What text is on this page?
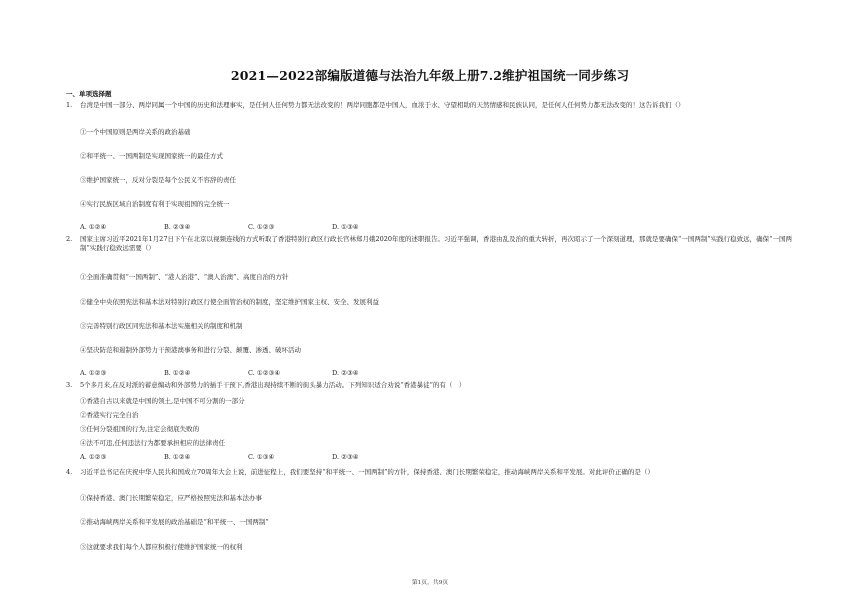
2021—2022部编版道德与法治九年级上册7.2维护祖国统一同步练习
一、单项选择题
1. 台湾是中国一部分、两岸同属一个中国的历史和法理事实，是任何人任何势力都无法改变的！两岸同胞都是中国人，血浓于水、守望相助的天然情感和民族认同，是任何人任何势力都无法改变的！这告诉我们（）
①一个中国原则是两岸关系的政治基础
②和平统一、一国两制是实现国家统一的最佳方式
③维护国家统一，反对分裂是每个公民义不容辞的责任
④实行民族区域自治制度有利于实现祖国的完全统一
A. ①②④	B. ②③④	C. ①②③	D. ①③④
2. 国家主席习近平2021年1月27日下午在北京以视频连线的方式听取了香港特别行政区行政长官林郑月娥2020年度的述职报告。习近平强调，香港由乱及治的重大转折，再次昭示了一个深刻道理，那就是要确保“一国两制”实践行稳致远，确保“一国两制”实践行稳致远需要（）
①全面准确贯彻“一国两制”、“港人治港”、“澳人治澳”、高度自治的方针
②健全中央依照宪法和基本法对特别行政区行使全面管治权的制度，坚定维护国家主权、安全、发展利益
③完善特别行政区同宪法和基本法实施相关的制度和机制
④坚决防范和遏制外部势力干预港澳事务和进行分裂、颠覆、渗透、破坏活动
A. ①②③	B. ①②④	C. ①②③④	D. ②③④
3. 5个多月来,在反对派的蓄意煽动和外部势力的插手干预下,香港出现持续不断的街头暴力活动。下列知识适合劝说“香港暴徒”的有（　）
①香港自古以来就是中国的领土,是中国不可分割的一部分
②香港实行完全自治
③任何分裂祖国的行为,注定会彻底失败的
④法不可违,任何违法行为都要承担相应的法律责任
A. ①②③	B. ①②④	C. ①③④	D. ②③④
4. 习近平总书记在庆祝中华人民共和国成立70周年大会上说，前进征程上，我们要坚持“和平统一、一国两制”的方针，保持香港、澳门长期繁荣稳定，推动海峡两岸关系和平发展。对此评价正确的是（）
①保持香港、澳门长期繁荣稳定，应严格按照宪法和基本法办事
②推动海峡两岸关系和平发展的政治基础是“和平统一、一国两制”
③这就要求我们每个人都应积极行使维护国家统一的权利
第1页，共9页
